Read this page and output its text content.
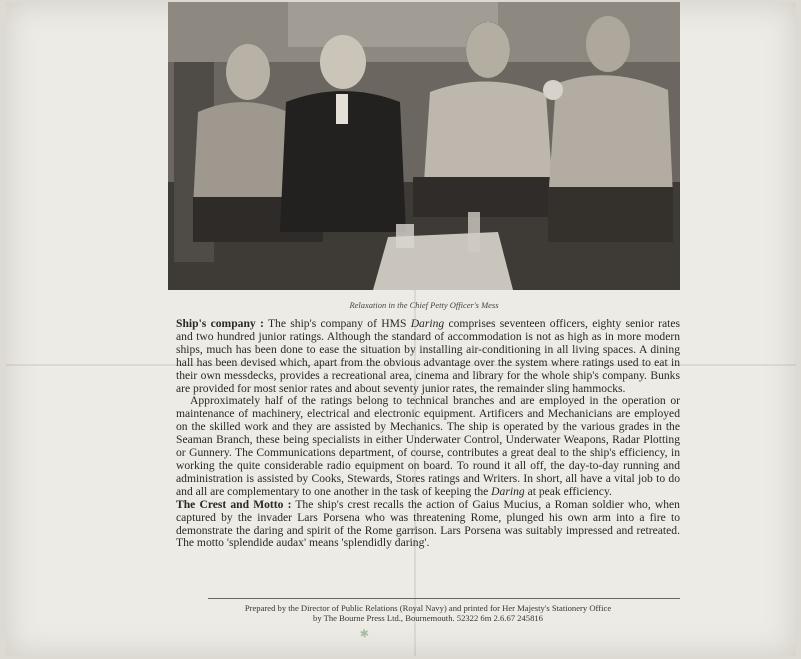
Relaxation in the Chief Petty Officer's Mess

Ship's company : The ship's company of HMS Daring comprises seventeen officers, eighty senior rates and two hundred junior ratings. Although the standard of accommodation is not as high as in more modern ships, much has been done to ease the situation by installing air-conditioning in all living spaces. A dining hall has been devised which, apart from the obvious advantage over the system where ratings used to eat in their own messdecks, provides a recreational area, cinema and library for the whole ship's company. Bunks are provided for most senior rates and about seventy junior rates, the remainder sling hammocks.

Approximately half of the ratings belong to technical branches and are employed in the operation or maintenance of machinery, electrical and electronic equipment. Artificers and Mechanicians are employed on the skilled work and they are assisted by Mechanics. The ship is operated by the various grades in the Seaman Branch, these being specialists in either Underwater Control, Underwater Weapons, Radar Plotting or Gunnery. The Communications department, of course, contributes a great deal to the ship's efficiency, in working the quite considerable radio equipment on board. To round it all off, the day-to-day running and administration is assisted by Cooks, Stewards, Stores ratings and Writers. In short, all have a vital job to do and all are complementary to one another in the task of keeping the Daring at peak efficiency.

The Crest and Motto : The ship's crest recalls the action of Gaius Mucius, a Roman soldier who, when captured by the invader Lars Porsena who was threatening Rome, plunged his own arm into a fire to demonstrate the daring and spirit of the Rome garrison. Lars Porsena was suitably impressed and retreated. The motto 'splendide audax' means 'splendidly daring'.

Prepared by the Director of Public Relations (Royal Navy) and printed for Her Majesty's Stationery Office
by The Bourne Press Ltd., Bournemouth. 52322 6m 2.6.67 245816
✱
